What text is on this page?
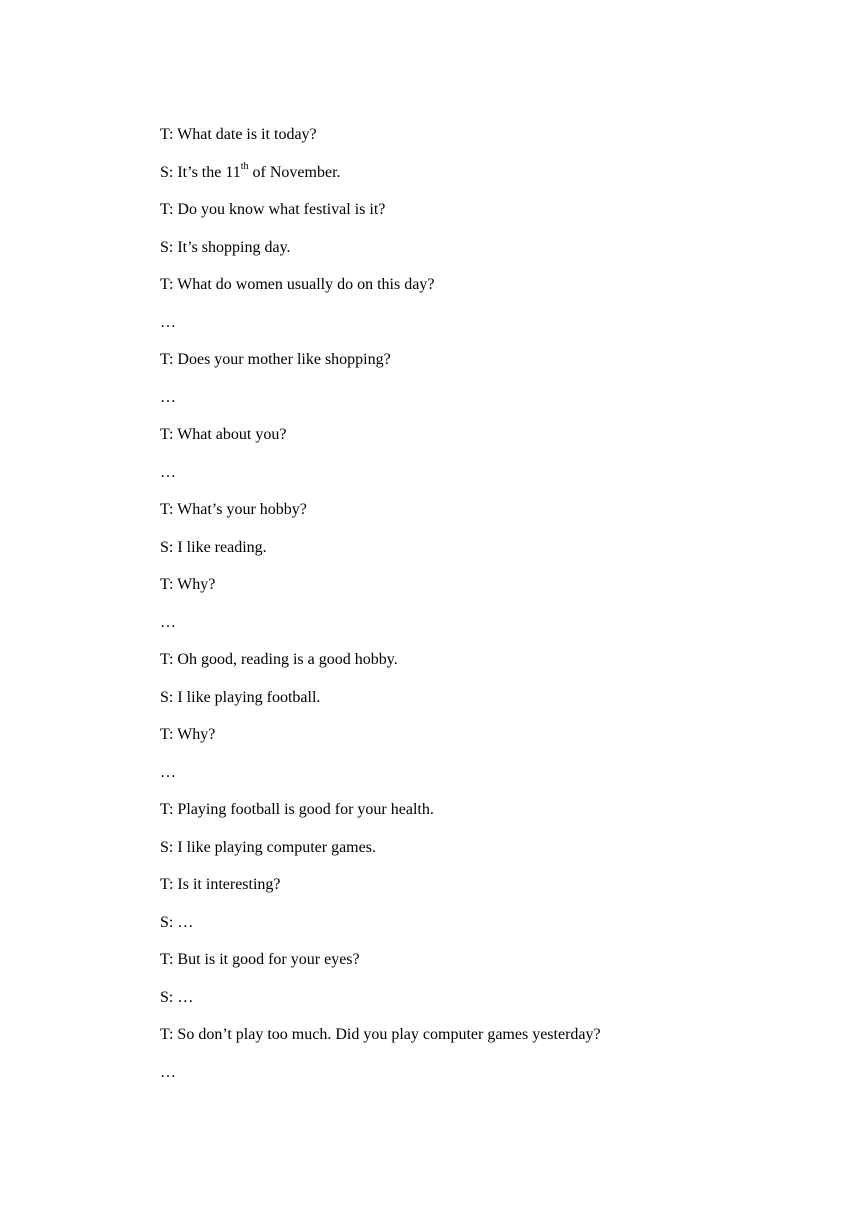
T: What date is it today?

S: It’s the 11th of November.

T: Do you know what festival is it?

S: It’s shopping day.

T: What do women usually do on this day?

…

T: Does your mother like shopping?

…

T: What about you?

…

T: What’s your hobby?

S: I like reading.

T: Why?

…

T: Oh good, reading is a good hobby.

S: I like playing football.

T: Why?

…

T: Playing football is good for your health.

S: I like playing computer games.

T: Is it interesting?

S: …

T: But is it good for your eyes?

S: …

T: So don’t play too much. Did you play computer games yesterday?

…
